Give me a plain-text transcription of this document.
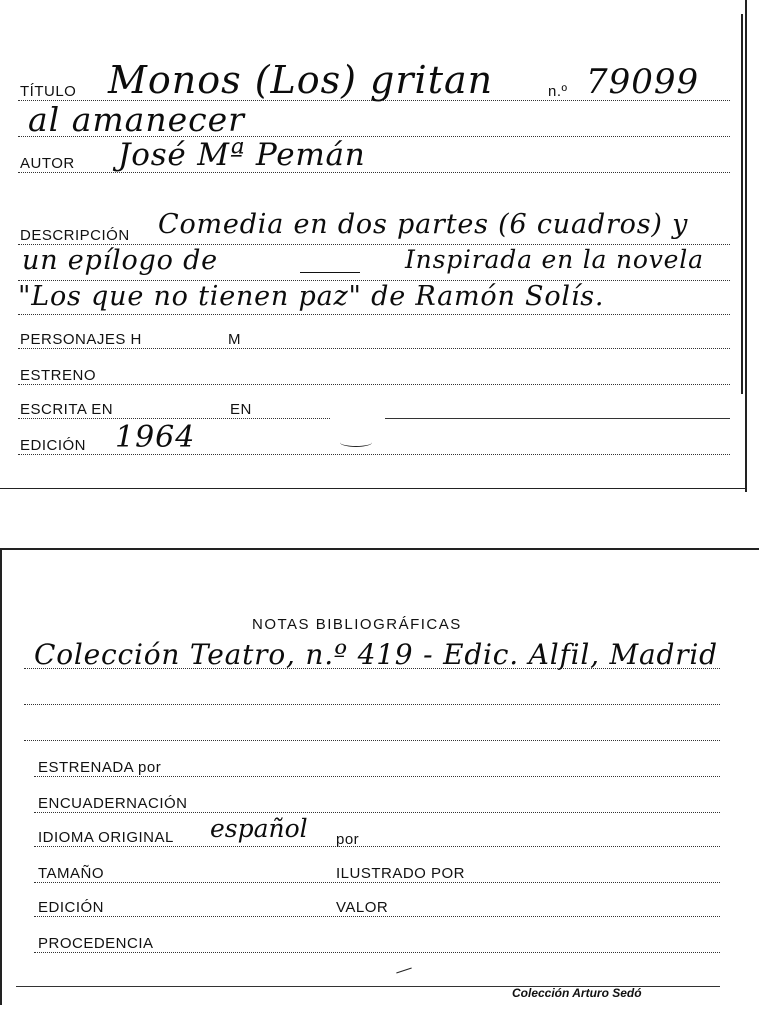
TÍTULO Monos (Los) gritan	n.º 79099
al amanecer
AUTOR José Mª Pemán
DESCRIPCIÓN Comedia en dos partes (6 cuadros) y
un epílogo de	Inspirada en la novela
"Los que no tienen paz" de Ramón Solís.
PERSONAJES H	M
ESTRENO
ESCRITA EN	EN
EDICIÓN 1964
NOTAS BIBLIOGRÁFICAS
Colección Teatro, n.º 419 - Edic. Alfil, Madrid
ESTRENADA por
ENCUADERNACIÓN
IDIOMA ORIGINAL español por
TAMAÑO	ILUSTRADO POR
EDICIÓN	VALOR
PROCEDENCIA
Colección Arturo Sedó
